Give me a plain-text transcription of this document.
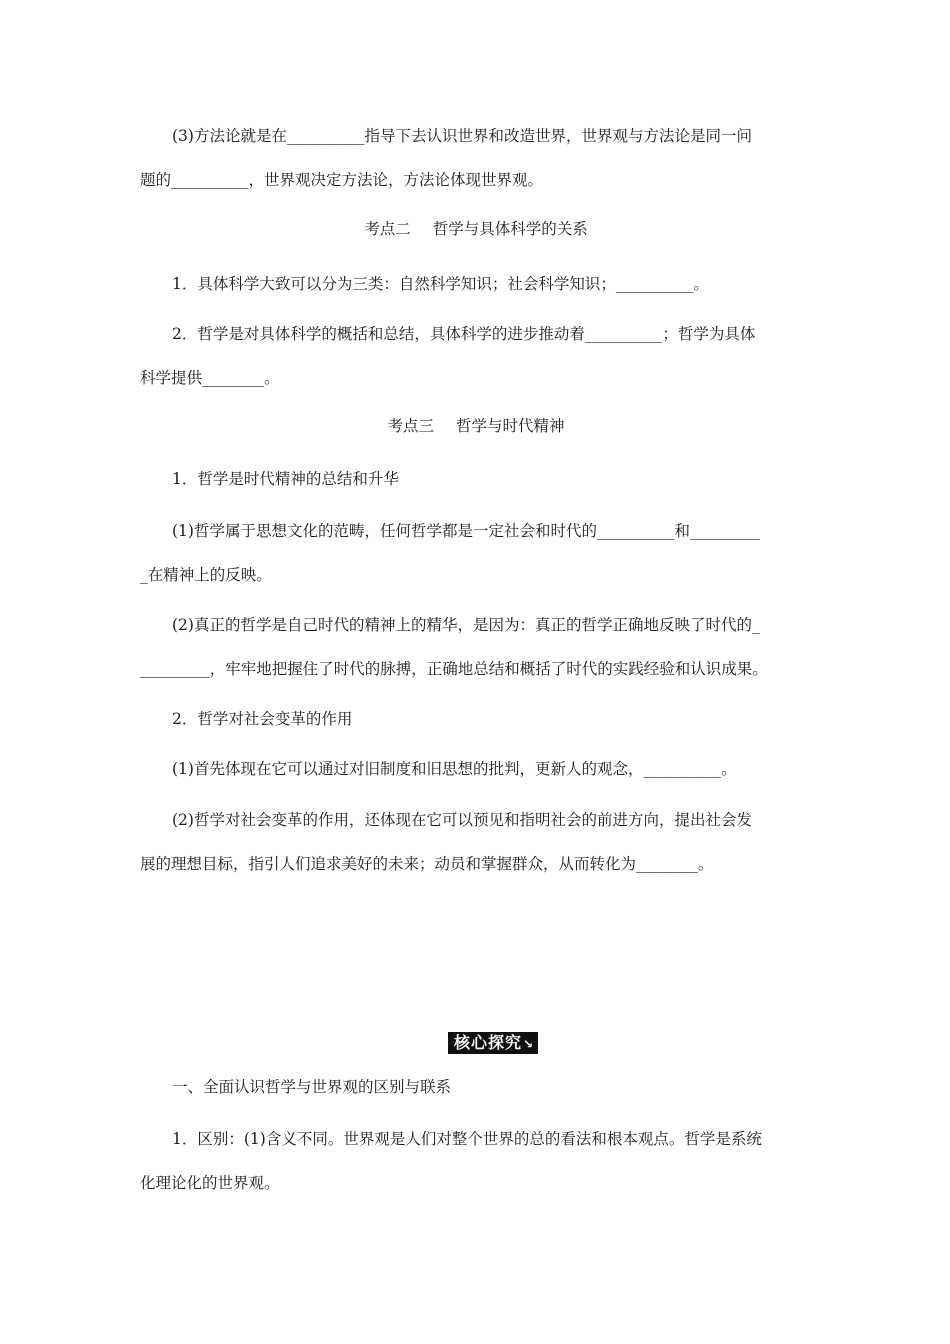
(3)方法论就是在__________指导下去认识世界和改造世界，世界观与方法论是同一问

题的__________，世界观决定方法论，方法论体现世界观。

考点二 哲学与具体科学的关系

1．具体科学大致可以分为三类：自然科学知识；社会科学知识；__________。

2．哲学是对具体科学的概括和总结，具体科学的进步推动着__________；哲学为具体

科学提供________。

考点三 哲学与时代精神

1．哲学是时代精神的总结和升华

(1)哲学属于思想文化的范畴，任何哲学都是一定社会和时代的__________和_________

_在精神上的反映。

(2)真正的哲学是自己时代的精神上的精华，是因为：真正的哲学正确地反映了时代的_

_________，牢牢地把握住了时代的脉搏，正确地总结和概括了时代的实践经验和认识成果。

2．哲学对社会变革的作用

(1)首先体现在它可以通过对旧制度和旧思想的批判，更新人的观念，__________。

(2)哲学对社会变革的作用，还体现在它可以预见和指明社会的前进方向，提出社会发

展的理想目标，指引人们追求美好的未来；动员和掌握群众，从而转化为________。

核心探究↘

一、全面认识哲学与世界观的区别与联系

1．区别：(1)含义不同。世界观是人们对整个世界的总的看法和根本观点。哲学是系统

化理论化的世界观。
